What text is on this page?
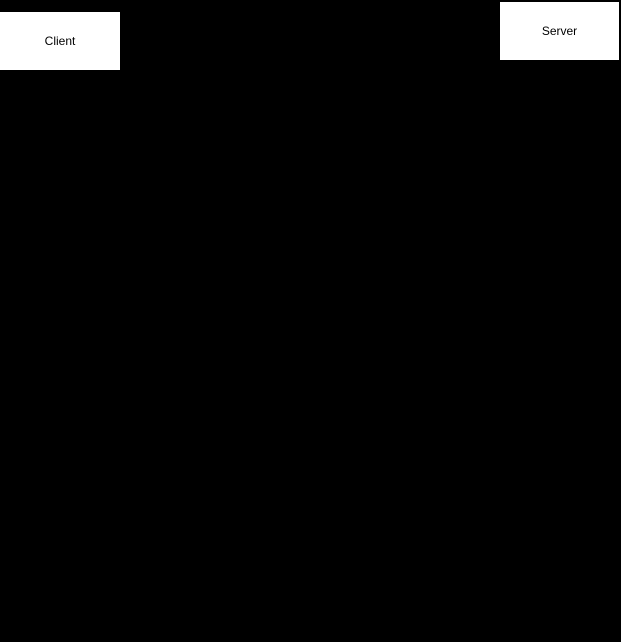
Client
Server
